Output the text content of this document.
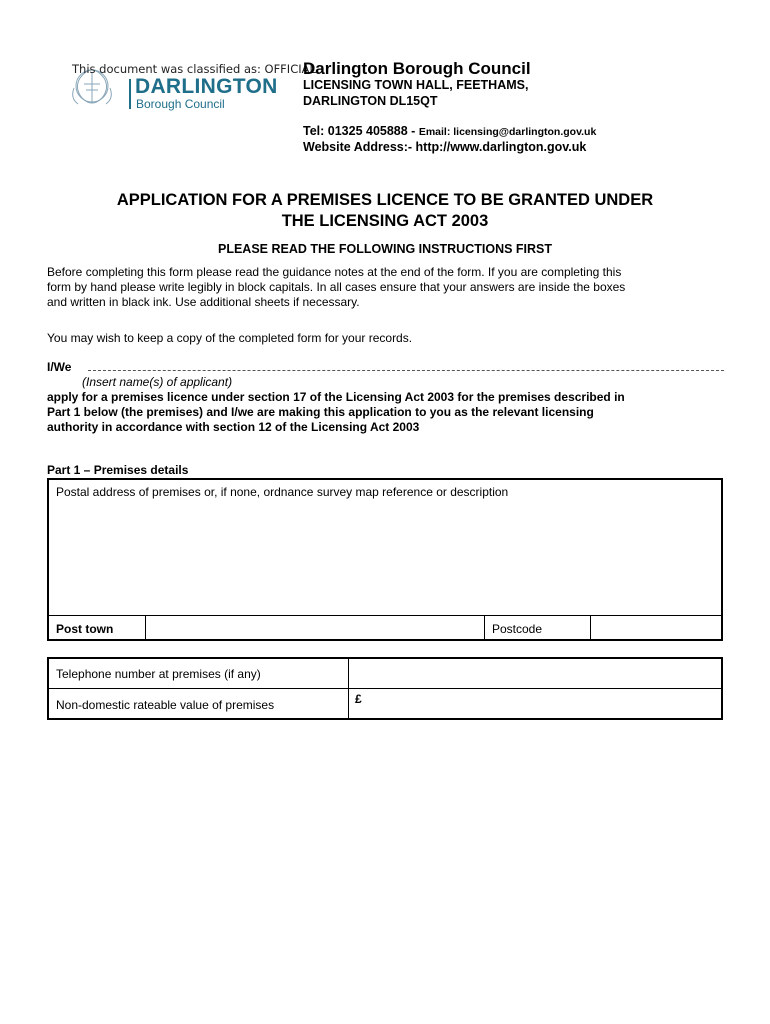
DARLINGTON
Borough Council
This document was classified as: OFFICIAL
Darlington Borough Council
LICENSING TOWN HALL, FEETHAMS,
DARLINGTON DL15QT
Tel: 01325 405888 - Email: licensing@darlington.gov.uk
Website Address:- http://www.darlington.gov.uk
APPLICATION FOR A PREMISES LICENCE TO BE GRANTED UNDER
THE LICENSING ACT 2003
PLEASE READ THE FOLLOWING INSTRUCTIONS FIRST
Before completing this form please read the guidance notes at the end of the form. If you are completing this
form by hand please write legibly in block capitals. In all cases ensure that your answers are inside the boxes
and written in black ink. Use additional sheets if necessary.
You may wish to keep a copy of the completed form for your records.
I/We
(Insert name(s) of applicant)
apply for a premises licence under section 17 of the Licensing Act 2003 for the premises described in
Part 1 below (the premises) and I/we are making this application to you as the relevant licensing
authority in accordance with section 12 of the Licensing Act 2003
Part 1 – Premises details
Postal address of premises or, if none, ordnance survey map reference or description
Post town	Postcode
Telephone number at premises (if any)
Non-domestic rateable value of premises	£
